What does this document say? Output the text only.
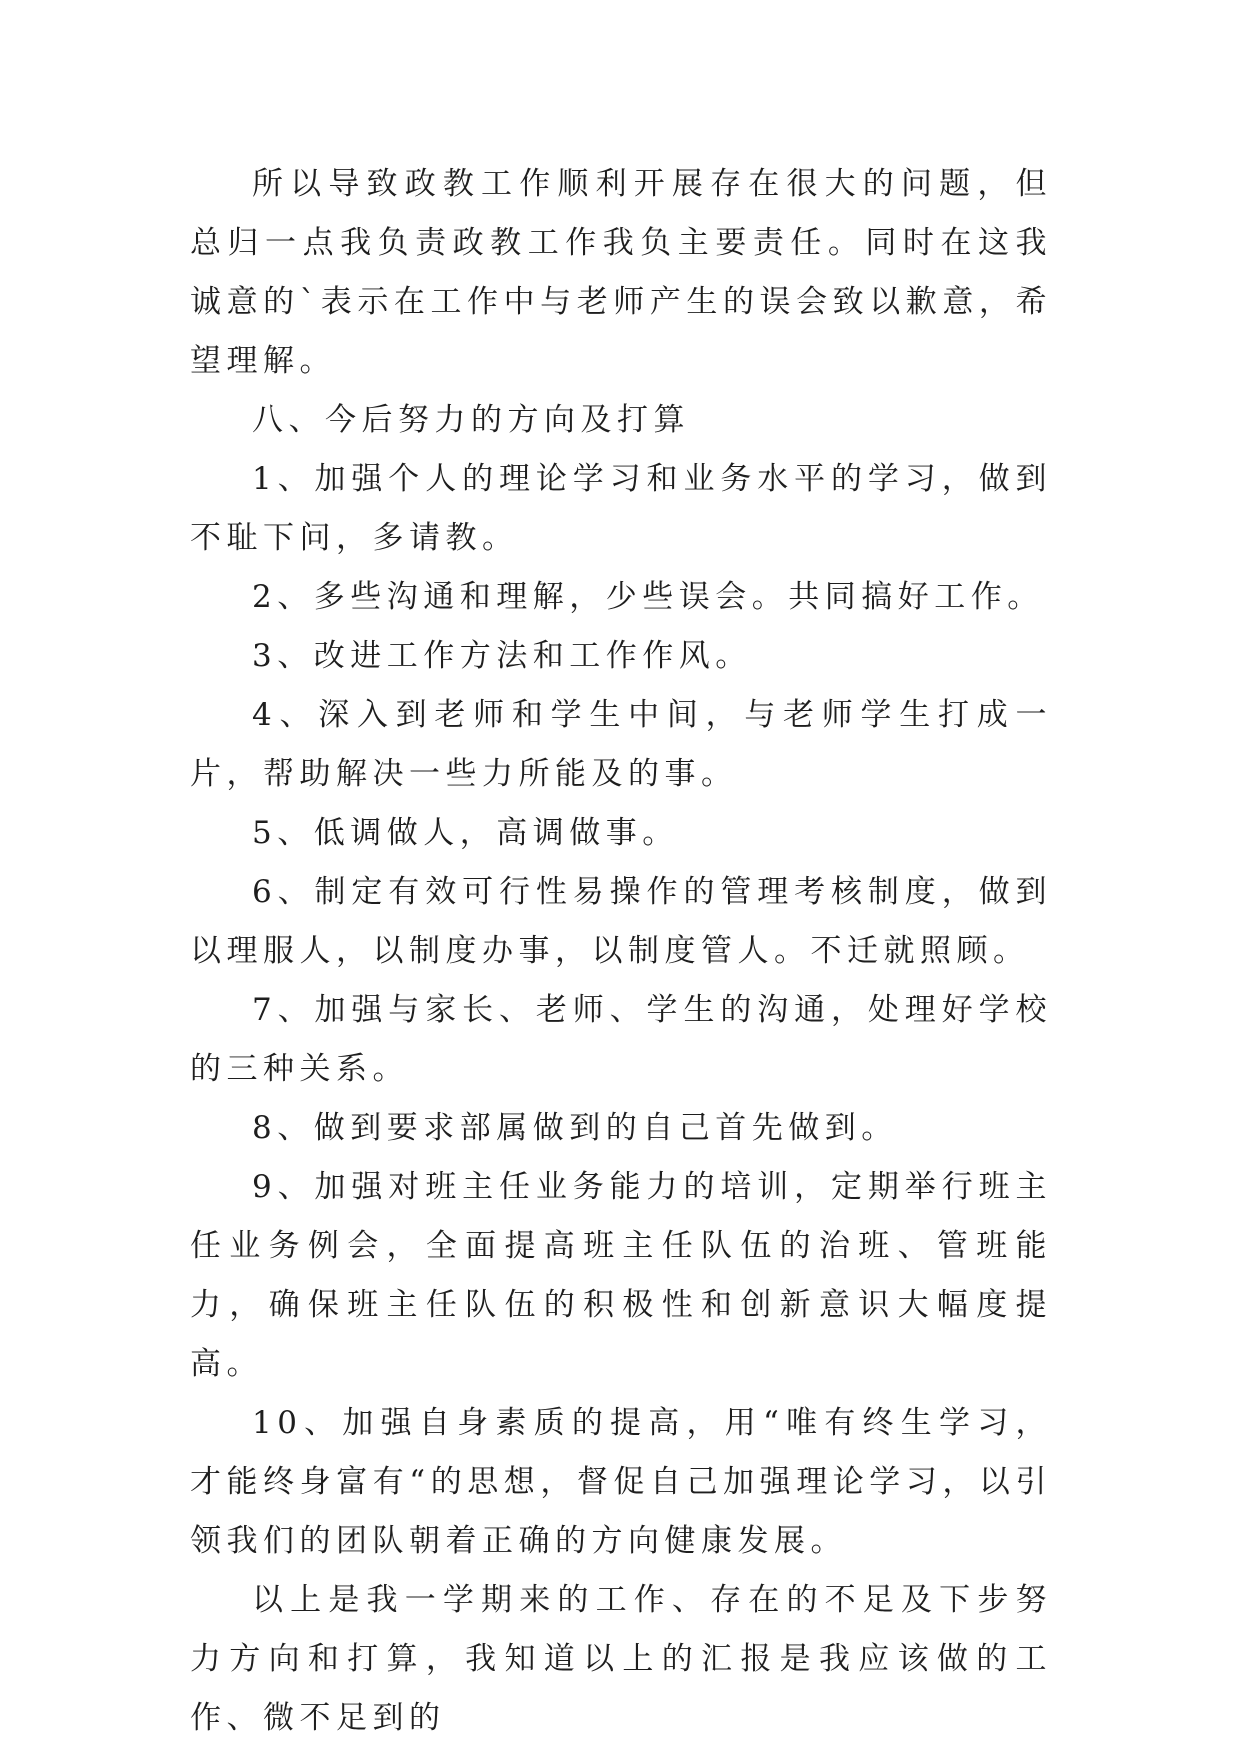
所以导致政教工作顺利开展存在很大的问题，但总归一点我负责政教工作我负主要责任。同时在这我诚意的`表示在工作中与老师产生的误会致以歉意，希望理解。

八、今后努力的方向及打算

1、加强个人的理论学习和业务水平的学习，做到不耻下问，多请教。

2、多些沟通和理解，少些误会。共同搞好工作。

3、改进工作方法和工作作风。

4、深入到老师和学生中间，与老师学生打成一片，帮助解决一些力所能及的事。

5、低调做人，高调做事。

6、制定有效可行性易操作的管理考核制度，做到以理服人，以制度办事，以制度管人。不迁就照顾。

7、加强与家长、老师、学生的沟通，处理好学校的三种关系。

8、做到要求部属做到的自己首先做到。

9、加强对班主任业务能力的培训，定期举行班主任业务例会，全面提高班主任队伍的治班、管班能力，确保班主任队伍的积极性和创新意识大幅度提高。

10、加强自身素质的提高，用“唯有终生学习，才能终身富有“的思想，督促自己加强理论学习，以引领我们的团队朝着正确的方向健康发展。

以上是我一学期来的工作、存在的不足及下步努力方向和打算，我知道以上的汇报是我应该做的工作、微不足到的
